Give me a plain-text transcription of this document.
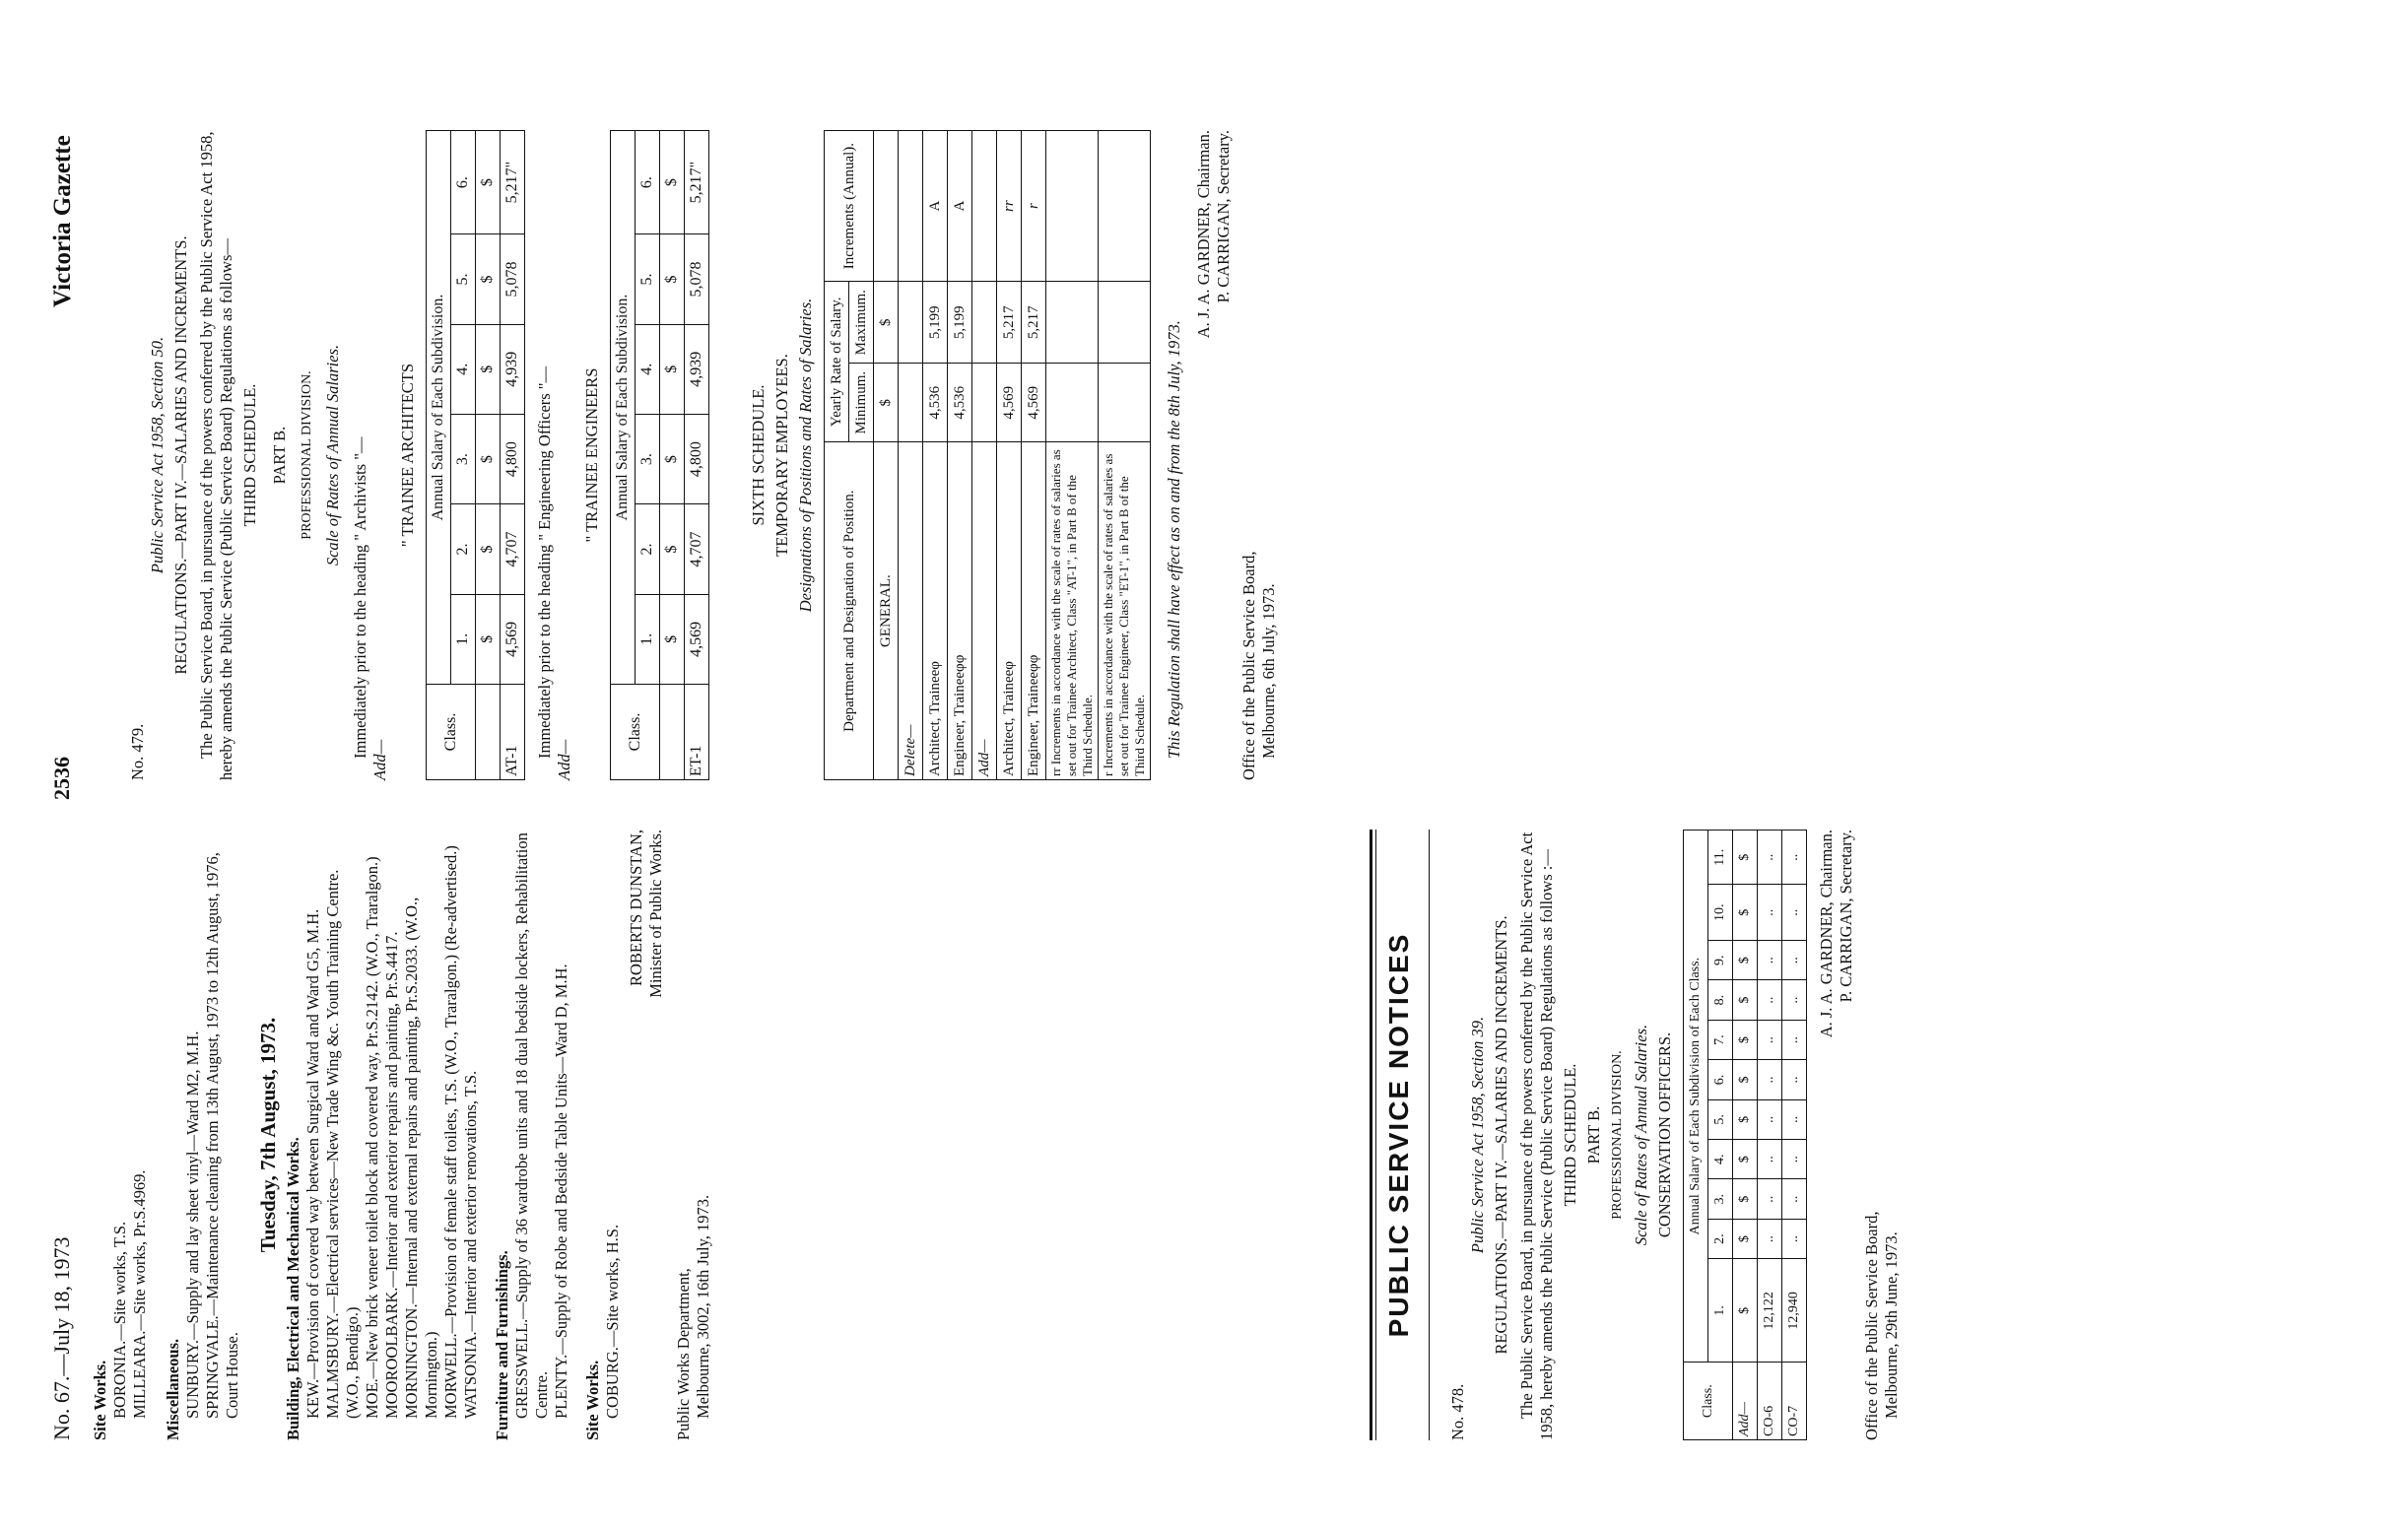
No. 67.—July 18, 1973
2536
Victoria Gazette

Site Works. BORONIA.—Site works, T.S. MILLEARA.—Site works, Pr.S.4969. Miscellaneous. SUNBURY.—Supply and lay sheet vinyl—Ward M2, M.H. SPRINGVALE.—Maintenance cleaning from 13th August, 1973 to 12th August, 1976, Court House.

Tuesday, 7th August, 1973.

Building, Electrical and Mechanical Works. KEW.—Provision of covered way between Surgical Ward and Ward G5, M.H. MALMSBURY.—Electrical services—New Trade Wing &c. Youth Training Centre. (W.O., Bendigo.) MOE.—New brick veneer toilet block and covered way, Pr.S.2142. (W.O., Traralgon.) MOOROOLBARK.—Interior and exterior repairs and painting, Pr.S.4417. MORNINGTON.—Internal and external repairs and painting, Pr.S.2033. (W.O., Mornington.) MORWELL.—Provision of female staff toilets, T.S. (W.O., Traralgon.) (Re-advertised.) WATSONIA.—Interior and exterior renovations, T.S. Furniture and Furnishings. GRESSWELL.—Supply of 36 wardrobe units and 18 dual bedside lockers, Rehabilitation Centre. PLENTY.—Supply of Robe and Bedside Table Units—Ward D, M.H. Site Works. COBURG.—Site works, H.S.

ROBERTS DUNSTAN, Minister of Public Works.

Public Works Department, Melbourne, 3002, 16th July, 1973.	PUBLIC SERVICE NOTICES

No. 478.

Public Service Act 1958, Section 39. REGULATIONS.—PART IV.—SALARIES AND INCREMENTS. The Public Service Board, in pursuance of the powers conferred by the Public Service Act 1958, hereby amends the Public Service (Public Service Board) Regulations as follows :— THIRD SCHEDULE. PART B. PROFESSIONAL DIVISION. Scale of Rates of Annual Salaries. CONSERVATION OFFICERS.

Class.	Annual Salary of Each Subdivision of Each Class.										
	1.	2.	3.	4.	5.	6.	7.	8.	9.	10.	11.
Add—	$	$	$	$	$	$	$	$	$	$	$
CO-6	12,122	..	..	..	..	..	..	..	..	..	..
CO-7	12,940	..	..	..	..	..	..	..	..	..	.. A. J. A. GARDNER, Chairman. P. CARRIGAN, Secretary.

Office of the Public Service Board, Melbourne, 29th June, 1973.

No. 479.

Public Service Act 1958, Section 50. REGULATIONS.—PART IV.—SALARIES AND INCREMENTS. The Public Service Board, in pursuance of the powers conferred by the Public Service Act 1958, hereby amends the Public Service (Public Service Board) Regulations as follows— THIRD SCHEDULE. PART B. PROFESSIONAL DIVISION. Scale of Rates of Annual Salaries. Immediately prior to the heading " Archivists "—

Add—

" TRAINEE ARCHITECTS

Class.	Annual Salary of Each Subdivision.					
	1.	2.	3.	4.	5.	6.
	$	$	$	$	$	$
AT-1	4,569	4,707	4,800	4,939	5,078	5,217"

Immediately prior to the heading " Engineering Officers "—

Add—

" TRAINEE ENGINEERS

Class.	Annual Salary of Each Subdivision.					
	1.	2.	3.	4.	5.	6.
	$	$	$	$	$	$
ET-1	4,569	4,707	4,800	4,939	5,078	5,217"

SIXTH SCHEDULE. TEMPORARY EMPLOYEES. Designations of Positions and Rates of Salaries. Department and Designation of Position.	Yearly Rate of Salary.		Increments (Annual).
	Minimum.	Maximum.	
GENERAL.	$	$	
Delete—			
Architect, Traineeφ	4,536	5,199	A
Engineer, Traineeφφ	4,536	5,199	A
Add—			
Architect, Traineeφ	4,569	5,217	rr
Engineer, Traineeφφ	4,569	5,217	r
rr Increments in accordance with the scale of rates of salaries as set out for Trainee Architect, Class "AT-1", in Part B of the Third Schedule.			
r Increments in accordance with the scale of rates of salaries as set out for Trainee Engineer, Class "ET-1", in Part B of the Third Schedule.			This Regulation shall have effect as on and from the 8th July, 1973.

A. J. A. GARDNER, Chairman. P. CARRIGAN, Secretary.

Office of the Public Service Board, Melbourne, 6th July, 1973.
